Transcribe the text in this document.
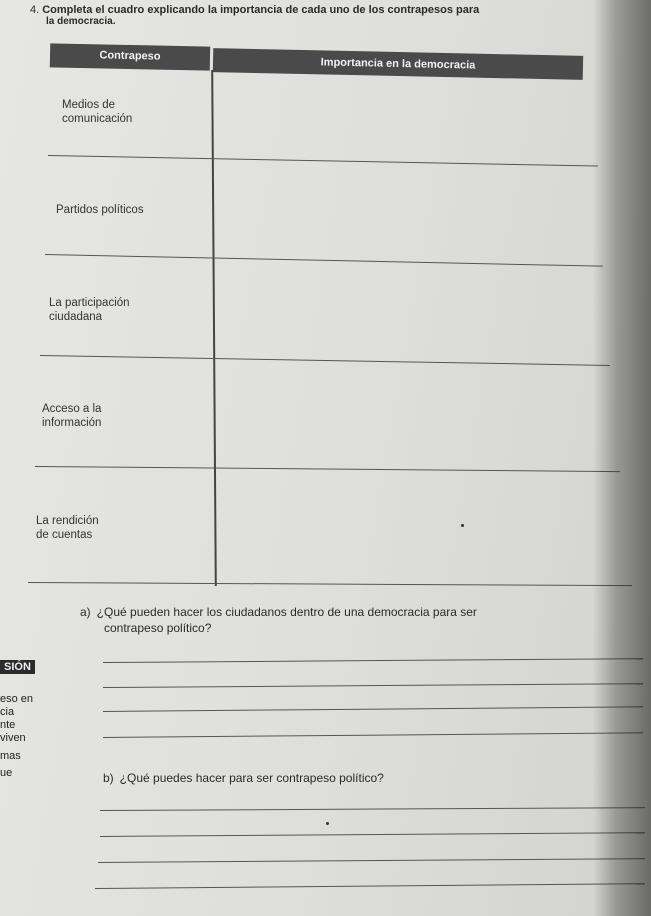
4. Completa el cuadro explicando la importancia de cada uno de los contrapesos para
la democracia.
Contrapeso
Importancia en la democracia
Medios de
comunicación
Partidos políticos
La participación
ciudadana
Acceso a la
información
La rendición
de cuentas
a) ¿Qué pueden hacer los ciudadanos dentro de una democracia para ser
contrapeso político?
b) ¿Qué puedes hacer para ser contrapeso político?
SIÓN
eso en
cia
nte
viven
mas
ue
